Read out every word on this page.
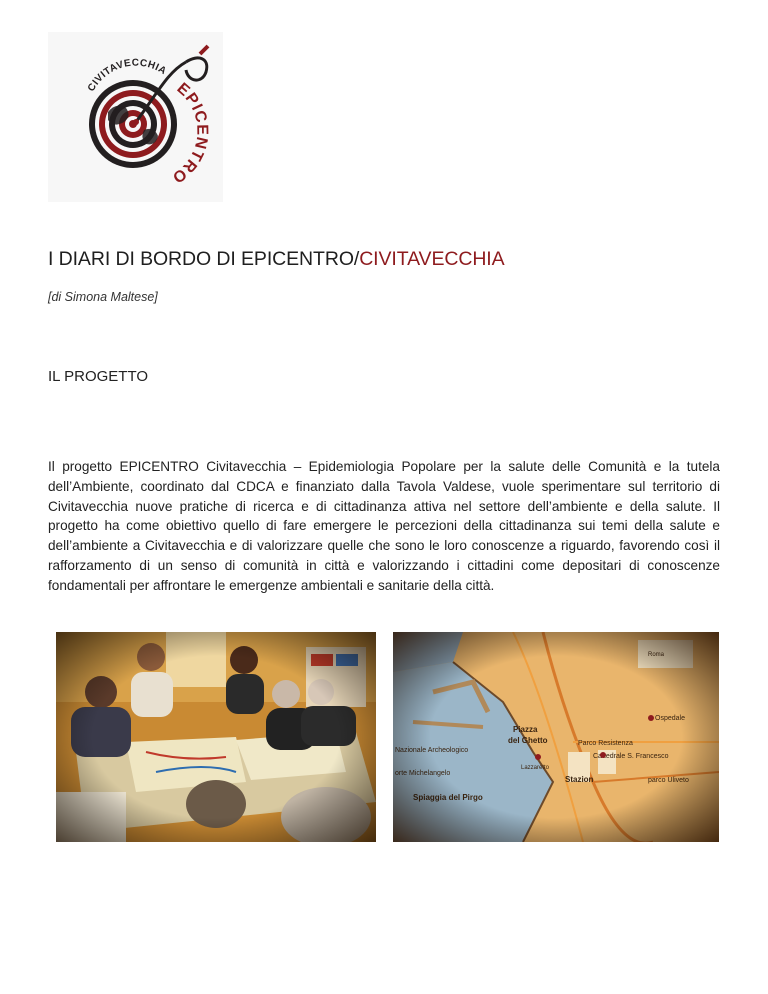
CIVITAVECCHIA
EPICENTRO
I DIARI DI BORDO DI EPICENTRO/CIVITAVECCHIA
[di Simona Maltese]
IL PROGETTO
Il progetto EPICENTRO Civitavecchia – Epidemiologia Popolare per la salute delle Comunità e la tutela dell’Ambiente, coordinato dal CDCA e finanziato dalla Tavola Valdese, vuole sperimentare sul territorio di Civitavecchia nuove pratiche di ricerca e di cittadinanza attiva nel settore dell’ambiente e della salute. Il progetto ha come obiettivo quello di fare emergere le percezioni della cittadinanza sui temi della salute e dell’ambiente a Civitavecchia e di valorizzare quelle che sono le loro conoscenze a riguardo, favorendo così il rafforzamento di un senso di comunità in città e valorizzando i cittadini come depositari di conoscenze fondamentali per affrontare le emergenze ambientali e sanitarie della città.
